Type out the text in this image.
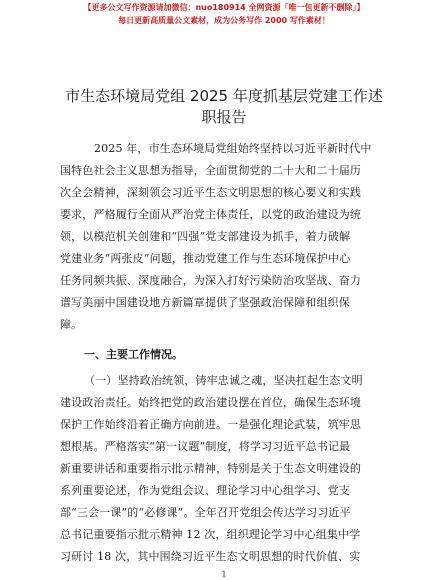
【更多公文写作资源请加微信：nuo180914 全网资源「唯一包更新不删除」】
每日更新高质量公文素材，成为公务写作 2000 写作素材！
市生态环境局党组 2025 年度抓基层党建工作述
职报告
2025 年，市生态环境局党组始终坚持以习近平新时代中
国特色社会主义思想为指导，全面贯彻党的二十大和二十届历
次全会精神，深刻领会习近平生态文明思想的核心要义和实践
要求，严格履行全面从严治党主体责任，以党的政治建设为统
领，以模范机关创建和“四强”党支部建设为抓手，着力破解
党建业务“两张皮”问题，推动党建工作与生态环境保护中心
任务同频共振、深度融合，为深入打好污染防治攻坚战、奋力
谱写美丽中国建设地方新篇章提供了坚强政治保障和组织保
障。
一、主要工作情况。
（一）坚持政治统领，铸牢忠诚之魂，坚决扛起生态文明
建设政治责任。始终把党的政治建设摆在首位，确保生态环境
保护工作始终沿着正确方向前进。一是强化理论武装，筑牢思
想根基。严格落实“第一议题”制度，将学习习近平总书记最
新重要讲话和重要指示批示精神，特别是关于生态文明建设的
系列重要论述，作为党组会议、理论学习中心组学习、党支
部“三会一课”的“必修课”。全年召开党组会传达学习习近平
总书记重要指示批示精神 12 次，组织理论学习中心组集中学
习研讨 18 次，其中围绕习近平生态文明思想的时代价值、实
1
